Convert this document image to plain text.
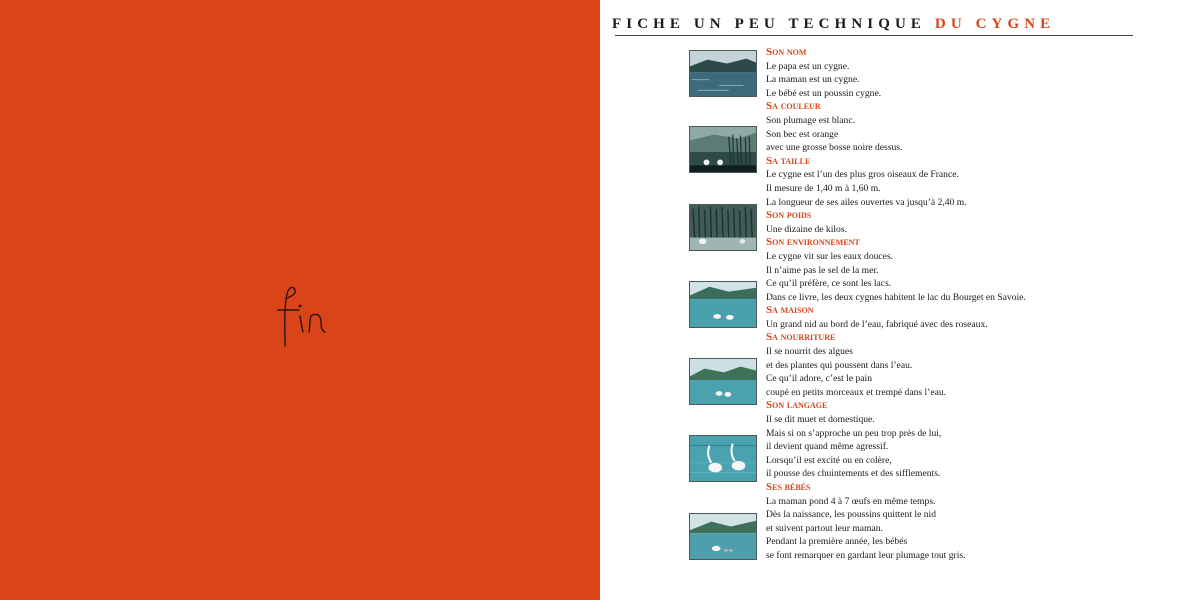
FICHE UN PEU TECHNIQUE DU CYGNE
Son nom
Le papa est un cygne.
La maman est un cygne.
Le bébé est un poussin cygne.
Sa couleur
Son plumage est blanc.
Son bec est orange
avec une grosse bosse noire dessus.
Sa taille
Le cygne est l’un des plus gros oiseaux de France.
Il mesure de 1,40 m à 1,60 m.
La longueur de ses ailes ouvertes va jusqu’à 2,40 m.
Son poids
Une dizaine de kilos.
Son environnement
Le cygne vit sur les eaux douces.
Il n’aime pas le sel de la mer.
Ce qu’il préfère, ce sont les lacs.
Dans ce livre, les deux cygnes habitent le lac du Bourget en Savoie.
Sa maison
Un grand nid au bord de l’eau, fabriqué avec des roseaux.
Sa nourriture
Il se nourrit des algues
et des plantes qui poussent dans l’eau.
Ce qu’il adore, c’est le pain
coupé en petits morceaux et trempé dans l’eau.
Son langage
Il se dit muet et domestique.
Mais si on s’approche un peu trop près de lui,
il devient quand même agressif.
Lorsqu’il est excité ou en colère,
il pousse des chuintements et des sifflements.
Ses bébés
La maman pond 4 à 7 œufs en même temps.
Dès la naissance, les poussins quittent le nid
et suivent partout leur maman.
Pendant la première année, les bébés
se font remarquer en gardant leur plumage tout gris.
